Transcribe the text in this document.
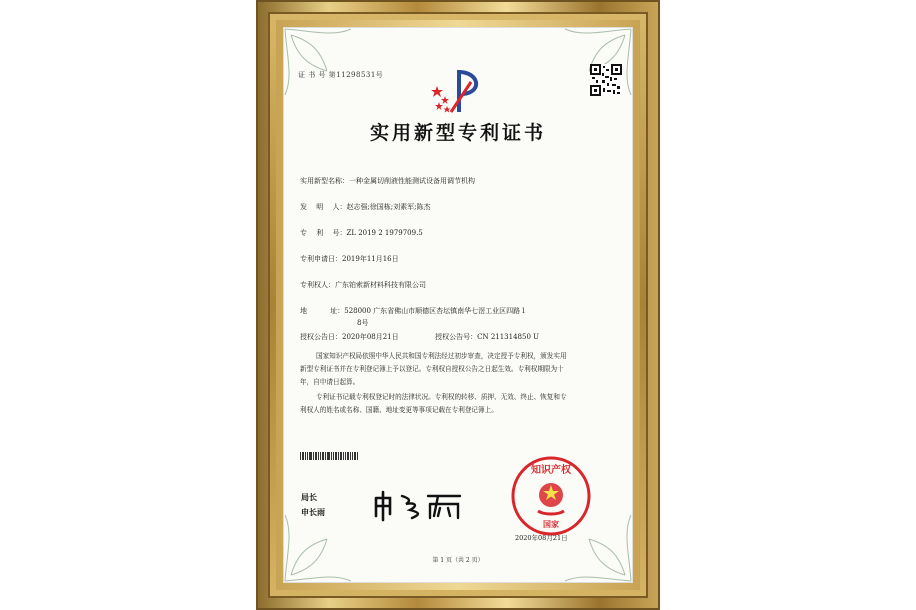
证 书 号 第11298531号
实用新型专利证书
实用新型名称：一种金属切削液性能测试设备用调节机构
发　 明　 人：赵志强;徐国栋;刘素军;陈杰
专　 利　 号：ZL 2019 2 1979709.5
专利申请日：2019年11月16日
专利权人：广东铂索新材料科技有限公司
地　　　 址：528000 广东省佛山市顺德区杏坛镇南华七滘工业区四路１
8号
授权公告日：2020年08月21日	授权公告号：CN 211314850 U
国家知识产权局依照中华人民共和国专利法经过初步审查，决定授予专利权，颁发实用
新型专利证书并在专利登记簿上予以登记。专利权自授权公告之日起生效。专利权期限为十
年，自申请日起算。
专利证书记载专利权登记时的法律状况。专利权的转移、质押、无效、终止、恢复和专
利权人的姓名或名称、国籍、地址变更等事项记载在专利登记簿上。
局长
申长雨
知识产权
国家
2020年08月21日
第 1 页（共 2 页）
